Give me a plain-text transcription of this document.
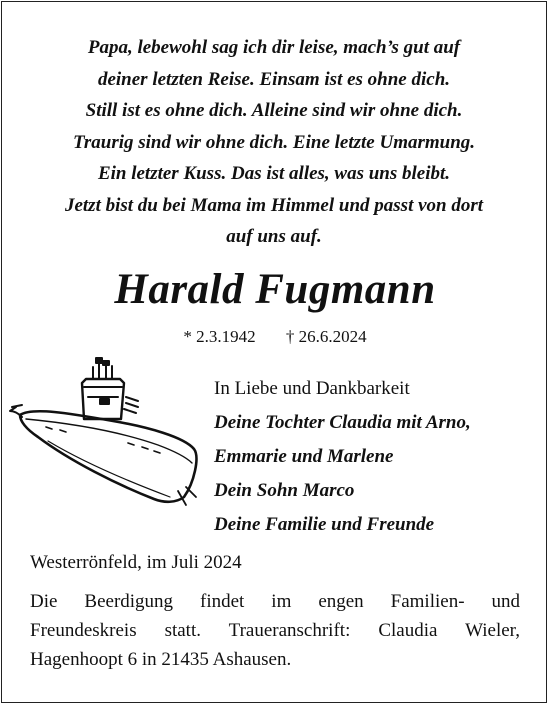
Papa, lebewohl sag ich dir leise, mach’s gut auf
deiner letzten Reise. Einsam ist es ohne dich.
Still ist es ohne dich. Alleine sind wir ohne dich.
Traurig sind wir ohne dich. Eine letzte Umarmung.
Ein letzter Kuss. Das ist alles, was uns bleibt.
Jetzt bist du bei Mama im Himmel und passt von dort
auf uns auf.
Harald Fugmann
* 2.3.1942 † 26.6.2024
In Liebe und Dankbarkeit
Deine Tochter Claudia mit Arno,
Emmarie und Marlene
Dein Sohn Marco
Deine Familie und Freunde
Westerrönfeld, im Juli 2024
Die Beerdigung findet im engen Familien- und
Freundeskreis statt. Traueranschrift: Claudia Wieler,
Hagenhoopt 6 in 21435 Ashausen.
